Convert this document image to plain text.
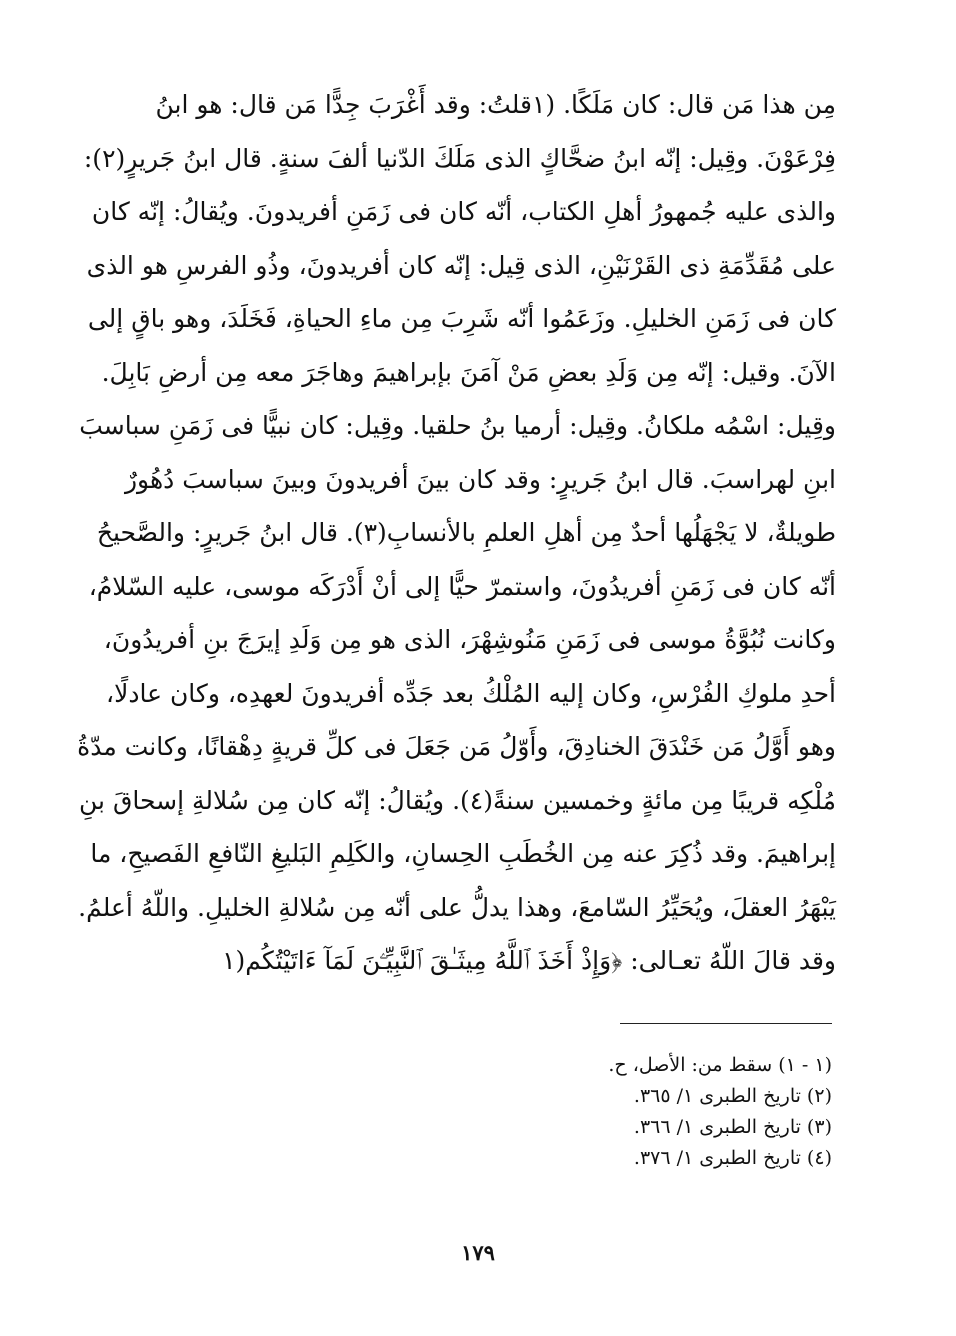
مِن هذا مَن قال: كان مَلَكًا. (١قلتُ: وقد أَغْرَبَ جِدًّا مَن قال: هو ابنُ
فِرْعَوْنَ. وقِيل: إنّه ابنُ ضحَّاكٍ الذى مَلَكَ الدّنيا ألفَ سنةٍ. قال ابنُ جَريرٍ(٢):
والذى عليه جُمهورُ أهلِ الكتاب، أنّه كان فى زَمَنِ أفريدونَ. ويُقالُ: إنّه كان
على مُقَدِّمَةِ ذى القَرْنَيْنِ، الذى قِيل: إنّه كان أفريدونَ، وذُو الفرسِ هو الذى
كان فى زَمَنِ الخليلِ. وزَعَمُوا أنّه شَرِبَ مِن ماءِ الحياةِ، فَخَلَدَ، وهو باقٍ إلى
الآنَ. وقيل: إنّه مِن وَلَدِ بعضِ مَنْ آمَنَ بإبراهيمَ وهاجَرَ معه مِن أرضِ بَابِلَ.
وقِيل: اسْمُه ملكانُ. وقِيل: أرميا بنُ حلقيا. وقِيل: كان نبيًّا فى زَمَنِ سباسبَ
ابنِ لهراسبَ. قال ابنُ جَريرٍ: وقد كان بينَ أفريدونَ وبينَ سباسبَ دُهُورٌ
طويلةٌ، لا يَجْهَلُها أحدٌ مِن أهلِ العلمِ بالأنسابِ(٣). قال ابنُ جَريرٍ: والصَّحيحُ
أنّه كان فى زَمَنِ أفريدُونَ، واستمرّ حيًّا إلى أنْ أَدْرَكَه موسى، عليه السّلامُ،
وكانت نُبُوَّةُ موسى فى زَمَنِ مَنُوشِهْرَ، الذى هو مِن وَلَدِ إيرَجَ بنِ أفريدُونَ،
أحدِ ملوكِ الفُرْسِ، وكان إليه المُلْكُ بعد جَدِّه أفريدونَ لعهدِه، وكان عادلًا،
وهو أَوَّلُ مَن خَنْدَقَ الخنادِقَ، وأَوّلُ مَن جَعَلَ فى كلِّ قريةٍ دِهْقانًا، وكانت مدّةُ
مُلْكِه قريبًا مِن مائةٍ وخمسين سنةً(٤). ويُقالُ: إنّه كان مِن سُلالةِ إسحاقَ بنِ
إبراهيمَ. وقد ذُكِرَ عنه مِن الخُطَبِ الحِسانِ، والكَلِمِ البَليغِ النّافعِ الفَصيحِ، ما
يَبْهَرُ العقلَ، ويُحَيِّرُ السّامعَ، وهذا يدلُّ على أنّه مِن سُلالةِ الخليلِ. واللّهُ أعلمُ.
وقد قالَ اللّهُ تعـالى: ﴿وَإِذْ أَخَذَ ٱللَّهُ مِيثَـٰقَ ٱلنَّبِيِّـۧنَ لَمَآ ءَاتَيْتُكُم(١
(١ - ١) سقط من: الأصل، ح.
(٢) تاريخ الطبرى ١/ ٣٦٥.
(٣) تاريخ الطبرى ١/ ٣٦٦.
(٤) تاريخ الطبرى ١/ ٣٧٦.
١٧٩
